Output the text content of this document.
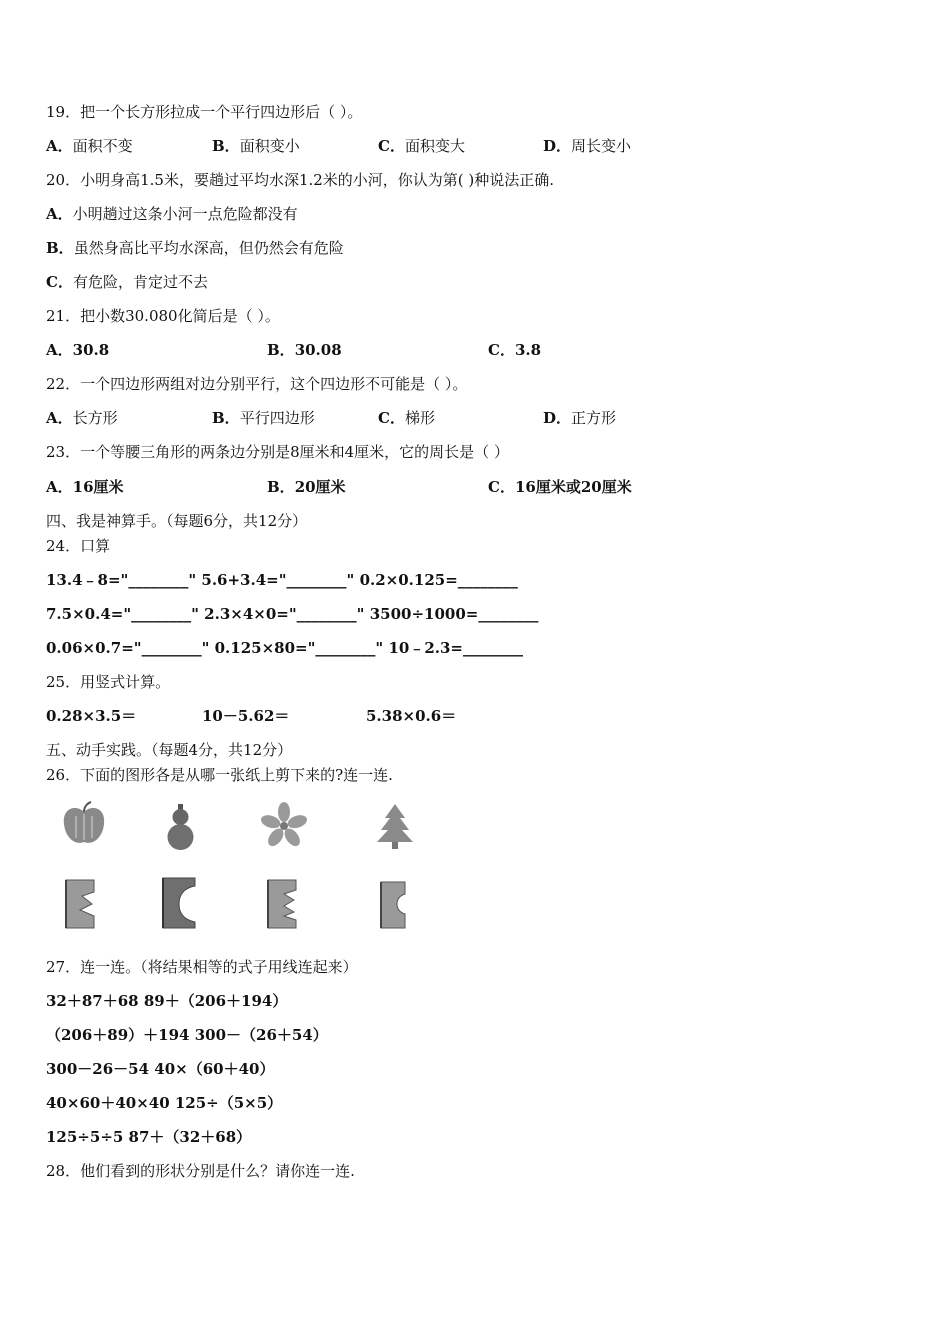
19．把一个长方形拉成一个平行四边形后（ ）。
A．面积不变	B．面积变小	C．面积变大	D．周长变小
20．小明身高1.5米，要趟过平均水深1.2米的小河，你认为第( )种说法正确.
A．小明趟过这条小河一点危险都没有
B．虽然身高比平均水深高，但仍然会有危险
C．有危险，肯定过不去
21．把小数30.080化简后是（ ）。
A．30.8	B．30.08	C．3.8
22．一个四边形两组对边分别平行，这个四边形不可能是（ ）。
A．长方形	B．平行四边形	C．梯形	D．正方形
23．一个等腰三角形的两条边分别是8厘米和4厘米，它的周长是（ ）
A．16厘米	B．20厘米	C．16厘米或20厘米
四、我是神算手。（每题6分，共12分）
24．口算
13.4﹣8="________" 5.6+3.4="________" 0.2×0.125=________
7.5×0.4="________" 2.3×4×0="________" 3500÷1000=________
0.06×0.7="________" 0.125×80="________" 10﹣2.3=________
25．用竖式计算。
0.28×3.5＝	10－5.62＝	5.38×0.6＝
五、动手实践。（每题4分，共12分）
26．下面的图形各是从哪一张纸上剪下来的?连一连.
27．连一连。（将结果相等的式子用线连起来）
32＋87＋68 89＋（206＋194）
（206＋89）＋194 300－（26＋54）
300－26－54 40×（60＋40）
40×60＋40×40 125÷（5×5）
125÷5÷5 87＋（32＋68）
28．他们看到的形状分别是什么？请你连一连.
